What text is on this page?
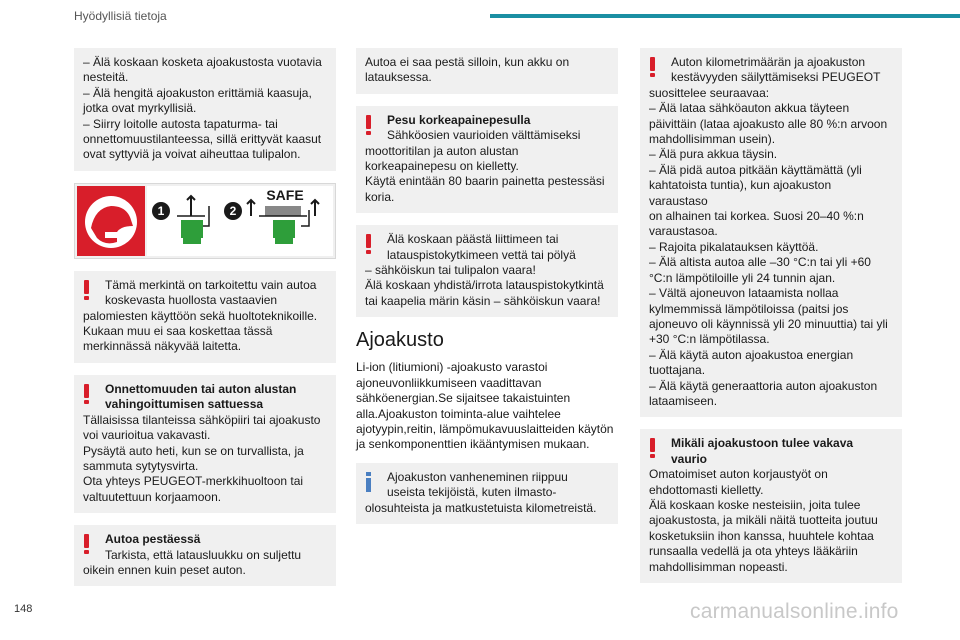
Hyödyllisiä tietoja
– Älä koskaan kosketa ajoakustosta vuotavia
nesteitä.
– Älä hengitä ajoakuston erittämiä kaasuja,
jotka ovat myrkyllisiä.
– Siirry loitolle autosta tapaturma- tai
onnettomuustilanteessa, sillä erittyvät kaasut
ovat syttyviä ja voivat aiheuttaa tulipalon.
1	2
SAFE
Tämä merkintä on tarkoitettu vain autoa
koskevasta huollosta vastaavien
palomiesten käyttöön sekä huoltoteknikoille.
Kukaan muu ei saa koskettaa tässä
merkinnässä näkyvää laitetta.
Onnettomuuden tai auton alustan
vahingoittumisen sattuessa
Tällaisissa tilanteissa sähköpiiri tai ajoakusto
voi vaurioitua vakavasti.
Pysäytä auto heti, kun se on turvallista, ja
sammuta sytytysvirta.
Ota yhteys PEUGEOT-merkkihuoltoon tai
valtuutettuun korjaamoon.
Autoa pestäessä
Tarkista, että latausluukku on suljettu
oikein ennen kuin peset auton.
Autoa ei saa pestä silloin, kun akku on
latauksessa.
Pesu korkeapainepesulla
Sähköosien vaurioiden välttämiseksi
moottoritilan ja auton alustan
korkeapainepesu on kielletty.
Käytä enintään 80 baarin painetta pestessäsi
koria.
Älä koskaan päästä liittimeen tai
latauspistokytkimeen vettä tai pölyä
– sähköiskun tai tulipalon vaara!
Älä koskaan yhdistä/irrota latauspistokytkintä
tai kaapelia märin käsin – sähköiskun vaara!
Ajoakusto
Li-ion (litiumioni) -ajoakusto varastoi ajoneuvonliikkumiseen vaadittavan sähköenergian.Se sijaitsee takaistuinten alla.Ajoakuston toiminta-alue vaihtelee ajotyypin,reitin, lämpömukavuuslaitteiden käytön ja senkomponenttien ikääntymisen mukaan.
Ajoakuston vanheneminen riippuu
useista tekijöistä, kuten ilmasto-
olosuhteista ja matkustetuista kilometreistä.
Auton kilometrimäärän ja ajoakuston
kestävyyden säilyttämiseksi PEUGEOT
suosittelee seuraavaa:
– Älä lataa sähköauton akkua täyteen
päivittäin (lataa ajoakusto alle 80 %:n arvoon
mahdollisimman usein).
– Älä pura akkua täysin.
– Älä pidä autoa pitkään käyttämättä (yli
kahtatoista tuntia), kun ajoakuston varaustaso
on alhainen tai korkea. Suosi 20–40 %:n
varaustasoa.
– Rajoita pikalatauksen käyttöä.
– Älä altista autoa alle –30 °C:n tai yli +60
°C:n lämpötiloille yli 24 tunnin ajan.
– Vältä ajoneuvon lataamista nollaa
kylmemmissä lämpötiloissa (paitsi jos
ajoneuvo oli käynnissä yli 20 minuuttia) tai yli
+30 °C:n lämpötilassa.
– Älä käytä auton ajoakustoa energian
tuottajana.
– Älä käytä generaattoria auton ajoakuston
lataamiseen.
Mikäli ajoakustoon tulee vakava
vaurio
Omatoimiset auton korjaustyöt on
ehdottomasti kielletty.
Älä koskaan koske nesteisiin, joita tulee
ajoakustosta, ja mikäli näitä tuotteita joutuu
kosketuksiin ihon kanssa, huuhtele kohtaa
runsaalla vedellä ja ota yhteys lääkäriin
mahdollisimman nopeasti.
148	carmanualsonline.info
